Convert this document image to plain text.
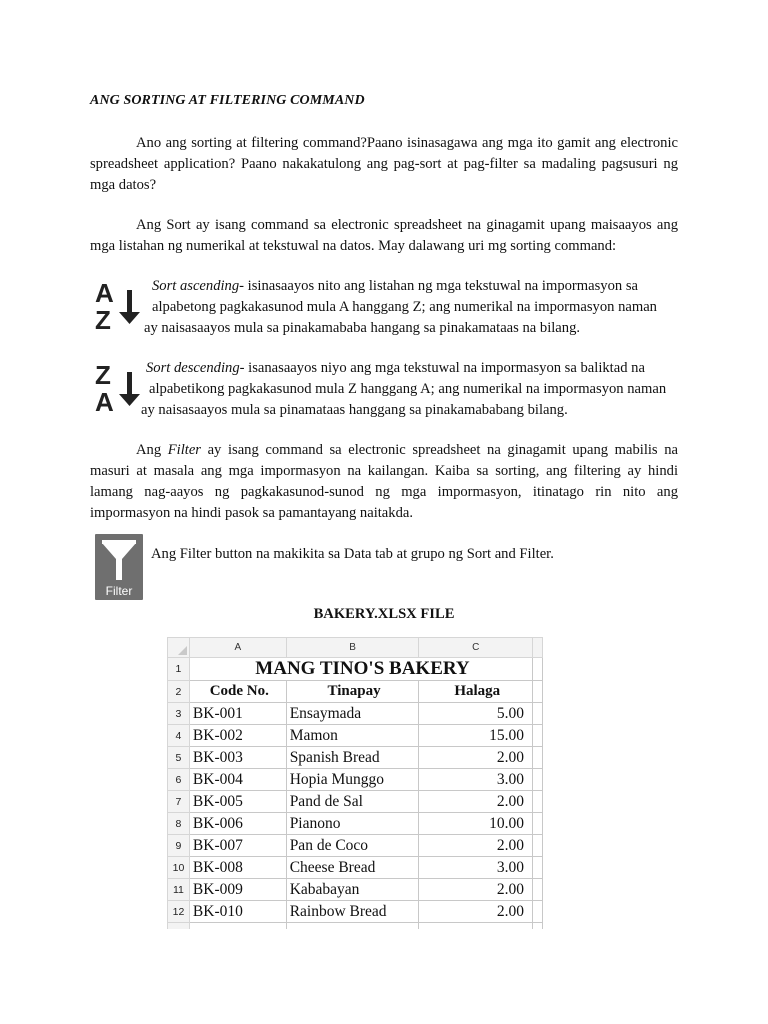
ANG SORTING AT FILTERING COMMAND
Ano ang sorting at filtering command?Paano isinasagawa ang mga ito gamit ang electronic spreadsheet application? Paano nakakatulong ang pag-sort at pag-filter sa madaling pagsusuri ng mga datos?
Ang Sort ay isang command sa electronic spreadsheet na ginagamit upang maisaayos ang mga listahan ng numerikal at tekstuwal na datos. May dalawang uri mg sorting command:
A
Z
Sort ascending- isinasaayos nito ang listahan ng mga tekstuwal na impormasyon sa
alpabetong pagkakasunod mula A hanggang Z; ang numerikal na impormasyon naman
ay naisasaayos mula sa pinakamababa hangang sa pinakamataas na bilang.
Z
A
Sort descending- isanasaayos niyo ang mga tekstuwal na impormasyon sa baliktad na
alpabetikong pagkakasunod mula Z hanggang A; ang numerikal na impormasyon naman
ay naisasaayos mula sa pinamataas hanggang sa pinakamababang bilang.
Ang Filter ay isang command sa electronic spreadsheet na ginagamit upang mabilis na masuri at masala ang mga impormasyon na kailangan. Kaiba sa sorting, ang filtering ay hindi lamang nag-aayos ng pagkakasunod-sunod ng mga impormasyon, itinatago rin nito ang impormasyon na hindi pasok sa pamantayang naitakda.
Filter
Ang Filter button na makikita sa Data tab at grupo ng Sort and Filter.
BAKERY.XLSX FILE
	A	B	C	
1	MANG TINO'S BAKERY			
2	Code No.	Tinapay	Halaga	
3	BK-001	Ensaymada	5.00	
4	BK-002	Mamon	15.00	
5	BK-003	Spanish Bread	2.00	
6	BK-004	Hopia Munggo	3.00	
7	BK-005	Pand de Sal	2.00	
8	BK-006	Pianono	10.00	
9	BK-007	Pan de Coco	2.00	
10	BK-008	Cheese Bread	3.00	
11	BK-009	Kababayan	2.00	
12	BK-010	Rainbow Bread	2.00	
